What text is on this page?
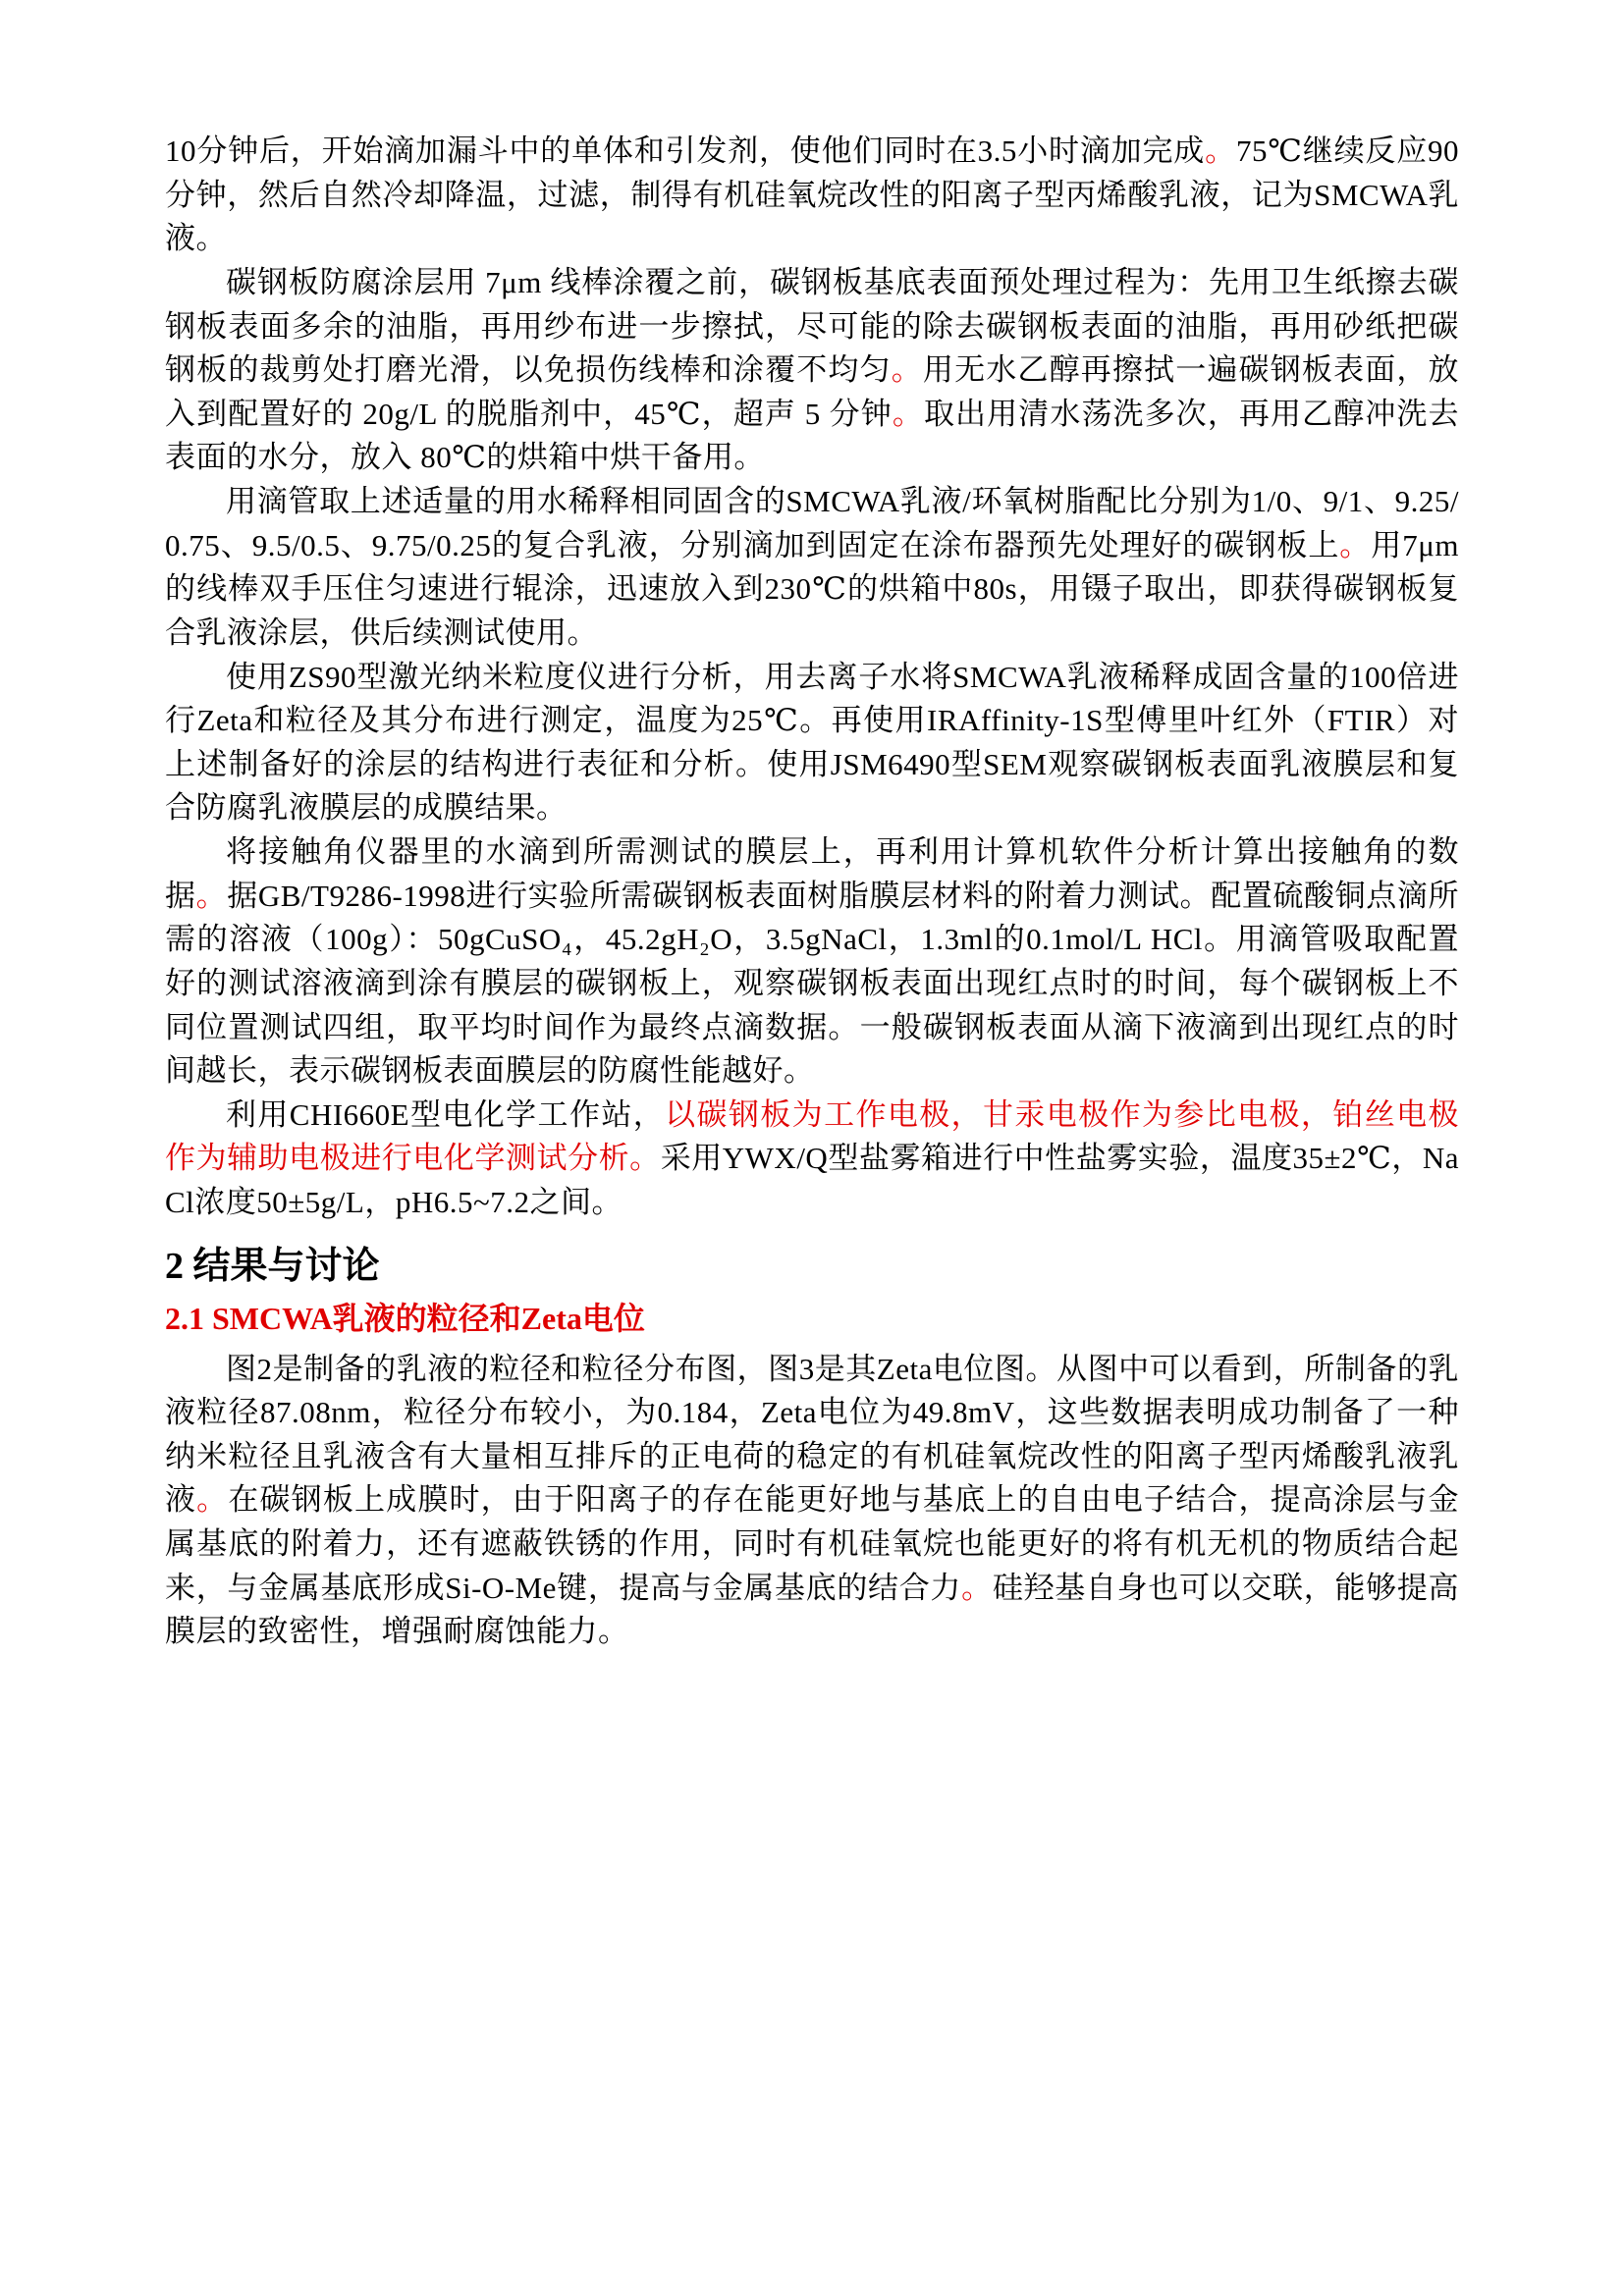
10分钟后，开始滴加漏斗中的单体和引发剂，使他们同时在3.5小时滴加完成。75℃继续反应90分钟，然后自然冷却降温，过滤，制得有机硅氧烷改性的阳离子型丙烯酸乳液，记为SMCWA乳液。

碳钢板防腐涂层用 7μm 线棒涂覆之前，碳钢板基底表面预处理过程为：先用卫生纸擦去碳钢板表面多余的油脂，再用纱布进一步擦拭，尽可能的除去碳钢板表面的油脂，再用砂纸把碳钢板的裁剪处打磨光滑，以免损伤线棒和涂覆不均匀。用无水乙醇再擦拭一遍碳钢板表面，放入到配置好的 20g/L 的脱脂剂中，45℃，超声 5 分钟。取出用清水荡洗多次，再用乙醇冲洗去表面的水分，放入 80℃的烘箱中烘干备用。

用滴管取上述适量的用水稀释相同固含的SMCWA乳液/环氧树脂配比分别为1/0、9/1、9.25/0.75、9.5/0.5、9.75/0.25的复合乳液，分别滴加到固定在涂布器预先处理好的碳钢板上。用7μm的线棒双手压住匀速进行辊涂，迅速放入到230℃的烘箱中80s，用镊子取出，即获得碳钢板复合乳液涂层，供后续测试使用。

使用ZS90型激光纳米粒度仪进行分析，用去离子水将SMCWA乳液稀释成固含量的100倍进行Zeta和粒径及其分布进行测定，温度为25℃。再使用IRAffinity-1S型傅里叶红外（FTIR）对上述制备好的涂层的结构进行表征和分析。使用JSM6490型SEM观察碳钢板表面乳液膜层和复合防腐乳液膜层的成膜结果。

将接触角仪器里的水滴到所需测试的膜层上，再利用计算机软件分析计算出接触角的数据。据GB/T9286-1998进行实验所需碳钢板表面树脂膜层材料的附着力测试。配置硫酸铜点滴所需的溶液（100g）：50gCuSO₄，45.2gH₂O，3.5gNaCl，1.3ml的0.1mol/L HCl。用滴管吸取配置好的测试溶液滴到涂有膜层的碳钢板上，观察碳钢板表面出现红点时的时间，每个碳钢板上不同位置测试四组，取平均时间作为最终点滴数据。一般碳钢板表面从滴下液滴到出现红点的时间越长，表示碳钢板表面膜层的防腐性能越好。

利用CHI660E型电化学工作站，以碳钢板为工作电极，甘汞电极作为参比电极，铂丝电极作为辅助电极进行电化学测试分析。采用YWX/Q型盐雾箱进行中性盐雾实验，温度35±2℃，NaCl浓度50±5g/L，pH6.5~7.2之间。

2 结果与讨论
2.1 SMCWA乳液的粒径和Zeta电位

图2是制备的乳液的粒径和粒径分布图，图3是其Zeta电位图。从图中可以看到，所制备的乳液粒径87.08nm，粒径分布较小，为0.184，Zeta电位为49.8mV，这些数据表明成功制备了一种纳米粒径且乳液含有大量相互排斥的正电荷的稳定的有机硅氧烷改性的阳离子型丙烯酸乳液乳液。在碳钢板上成膜时，由于阳离子的存在能更好地与基底上的自由电子结合，提高涂层与金属基底的附着力，还有遮蔽铁锈的作用，同时有机硅氧烷也能更好的将有机无机的物质结合起来，与金属基底形成Si-O-Me键，提高与金属基底的结合力。硅羟基自身也可以交联，能够提高膜层的致密性，增强耐腐蚀能力。
